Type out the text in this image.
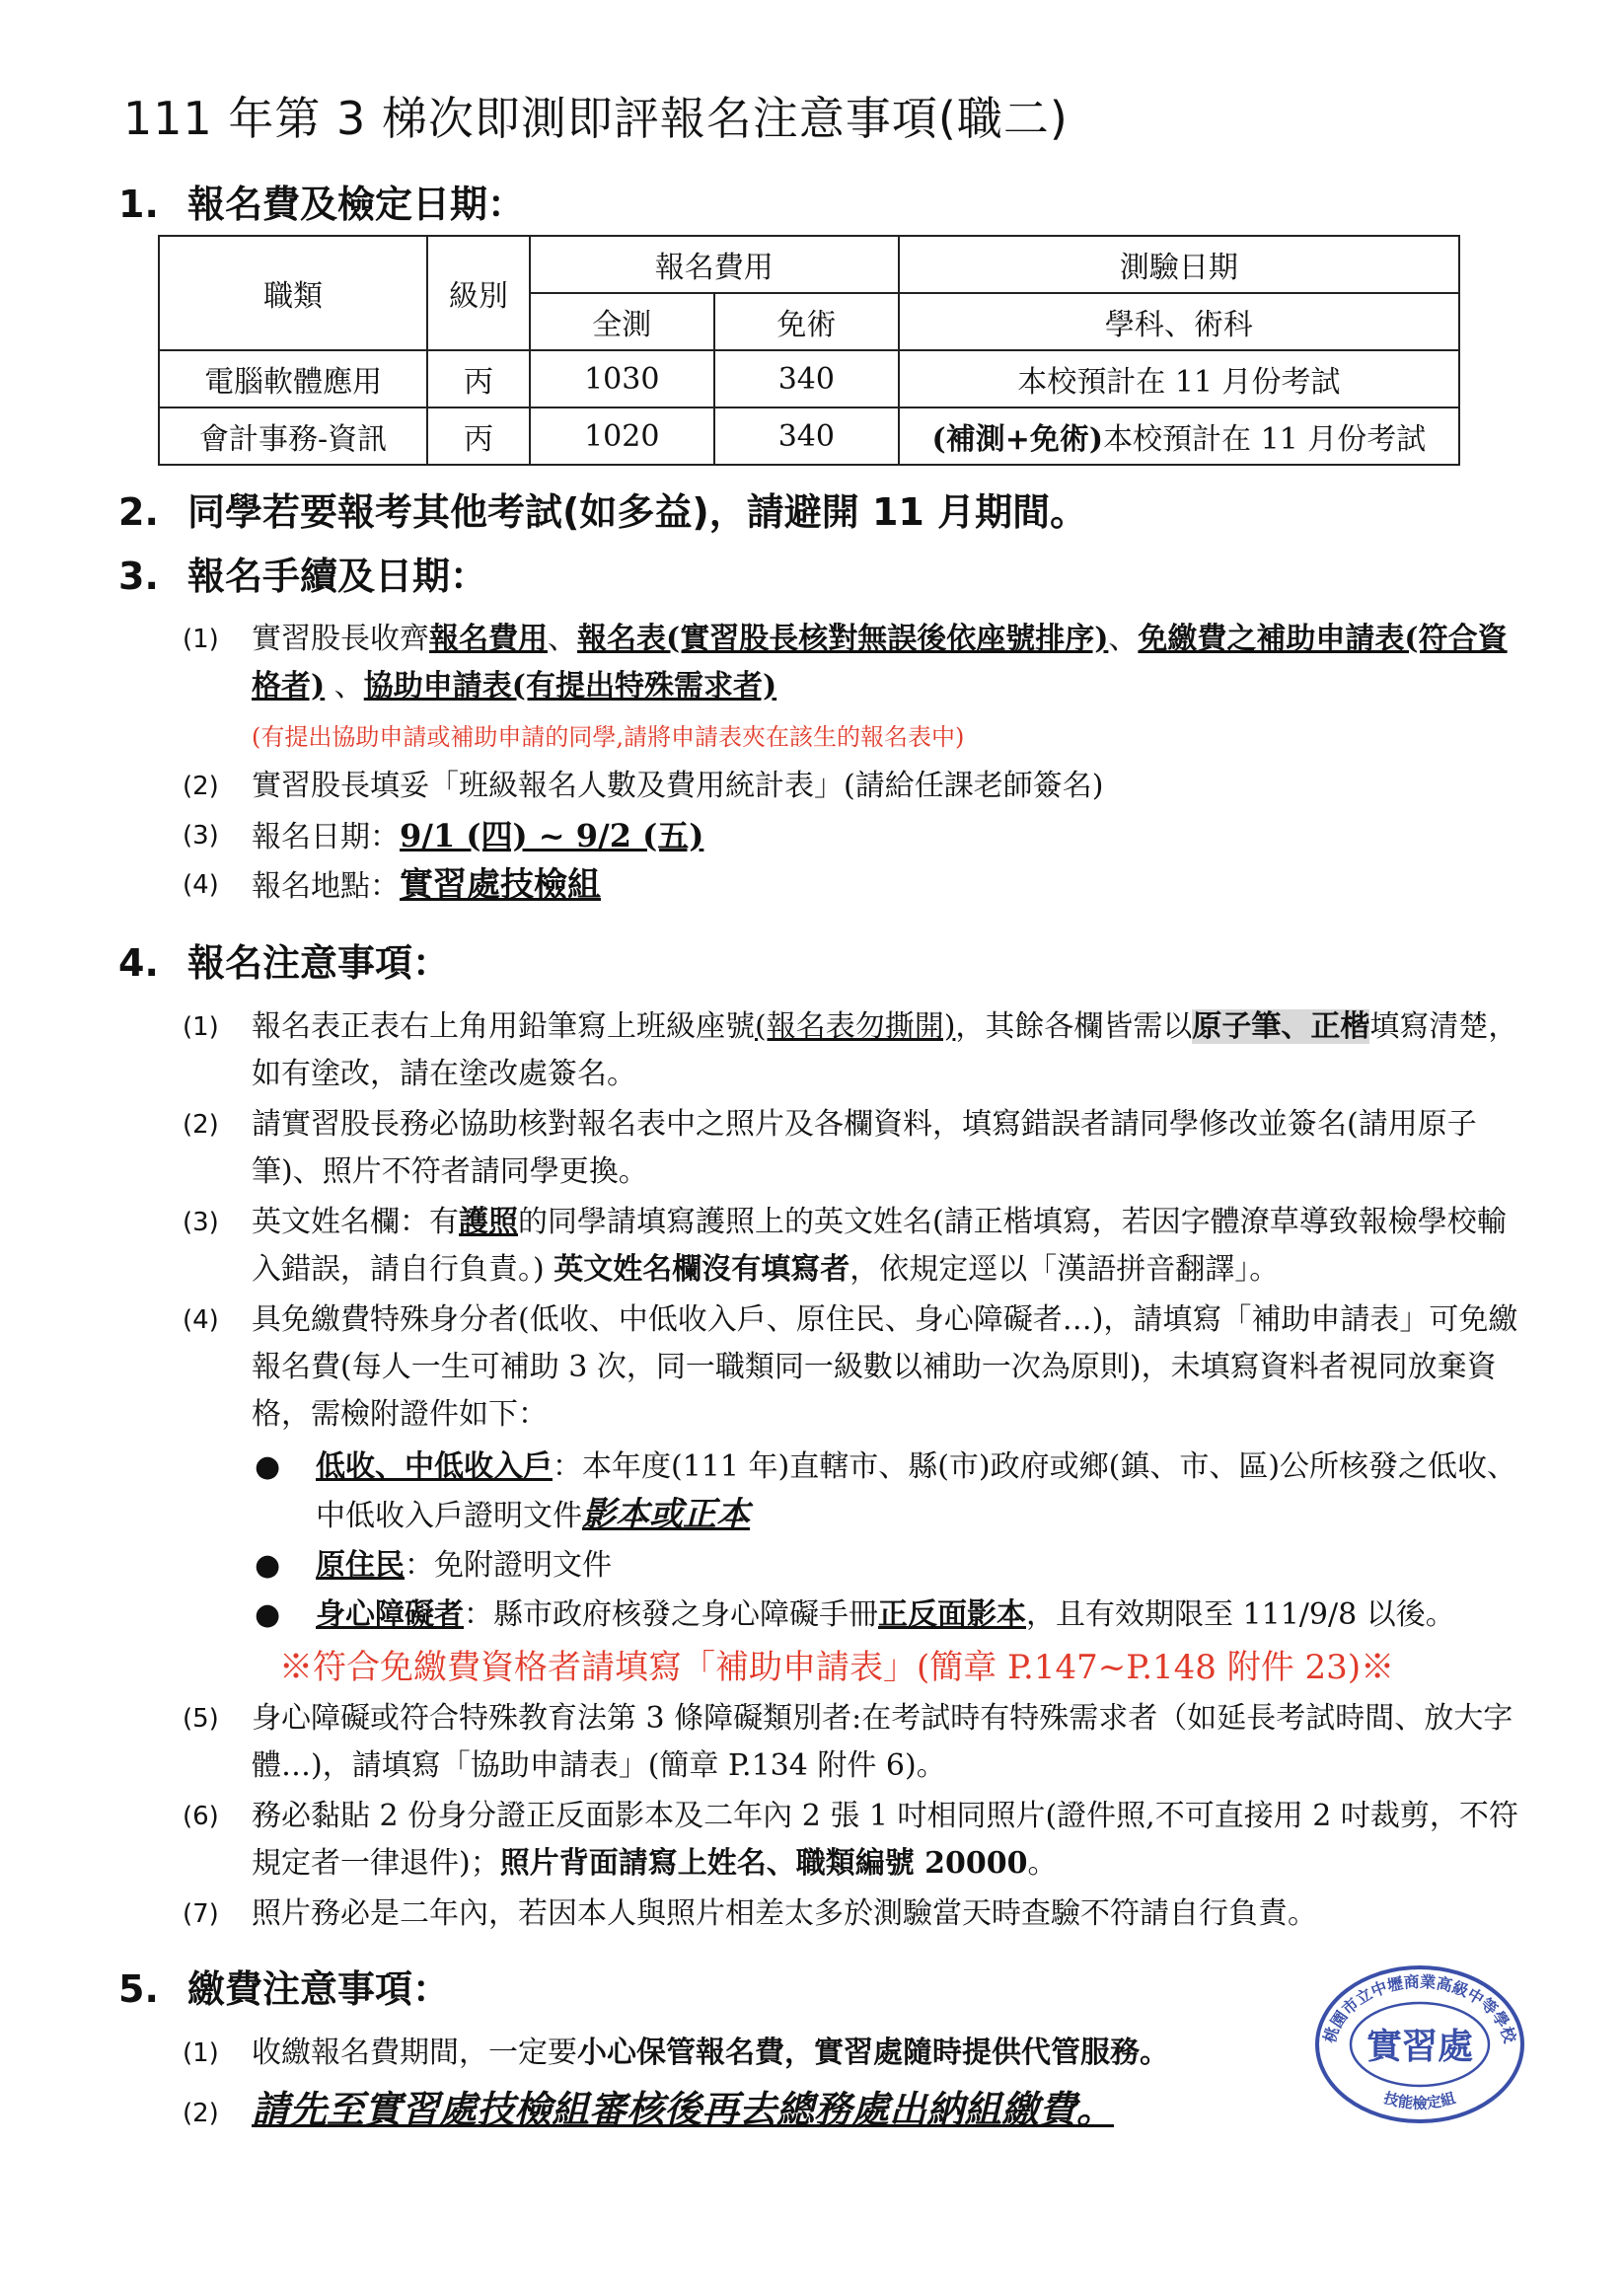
111 年第 3 梯次即測即評報名注意事項(職二)
1. 報名費及檢定日期：
職類	級別	報名費用		測驗日期
		全測	免術	學科、術科
電腦軟體應用	丙	1030	340	本校預計在 11 月份考試
會計事務-資訊	丙	1020	340	(補測+免術)本校預計在 11 月份考試
2. 同學若要報考其他考試(如多益)，請避開 11 月期間。
3. 報名手續及日期：
(1) 實習股長收齊報名費用、報名表(實習股長核對無誤後依座號排序)、免繳費之補助申請表(符合資格者) 、協助申請表(有提出特殊需求者)
(有提出協助申請或補助申請的同學,請將申請表夾在該生的報名表中)
(2) 實習股長填妥「班級報名人數及費用統計表」(請給任課老師簽名)
(3) 報名日期：9/1 (四) ~ 9/2 (五)
(4) 報名地點：實習處技檢組
4. 報名注意事項：
(1) 報名表正表右上角用鉛筆寫上班級座號(報名表勿撕開)，其餘各欄皆需以原子筆、正楷填寫清楚，如有塗改，請在塗改處簽名。
(2) 請實習股長務必協助核對報名表中之照片及各欄資料，填寫錯誤者請同學修改並簽名(請用原子筆)、照片不符者請同學更換。
(3) 英文姓名欄：有護照的同學請填寫護照上的英文姓名(請正楷填寫，若因字體潦草導致報檢學校輸入錯誤，請自行負責。) 英文姓名欄沒有填寫者，依規定逕以「漢語拼音翻譯」。
(4) 具免繳費特殊身分者(低收、中低收入戶、原住民、身心障礙者…)，請填寫「補助申請表」可免繳報名費(每人一生可補助 3 次，同一職類同一級數以補助一次為原則)，未填寫資料者視同放棄資格，需檢附證件如下：
● 低收、中低收入戶：本年度(111 年)直轄市、縣(市)政府或鄉(鎮、市、區)公所核發之低收、中低收入戶證明文件影本或正本
● 原住民：免附證明文件
● 身心障礙者：縣市政府核發之身心障礙手冊正反面影本，且有效期限至 111/9/8 以後。
※符合免繳費資格者請填寫「補助申請表」(簡章 P.147~P.148 附件 23)※
(5) 身心障礙或符合特殊教育法第 3 條障礙類別者:在考試時有特殊需求者（如延長考試時間、放大字體…)，請填寫「協助申請表」(簡章 P.134 附件 6)。
(6) 務必黏貼 2 份身分證正反面影本及二年內 2 張 1 吋相同照片(證件照,不可直接用 2 吋裁剪，不符規定者一律退件)；照片背面請寫上姓名、職類編號 20000。
(7) 照片務必是二年內，若因本人與照片相差太多於測驗當天時查驗不符請自行負責。
5. 繳費注意事項：
(1) 收繳報名費期間，一定要小心保管報名費，實習處隨時提供代管服務。
(2) 請先至實習處技檢組審核後再去總務處出納組繳費。
桃園市立中壢商業高級中等學校
實習處
技能檢定組
